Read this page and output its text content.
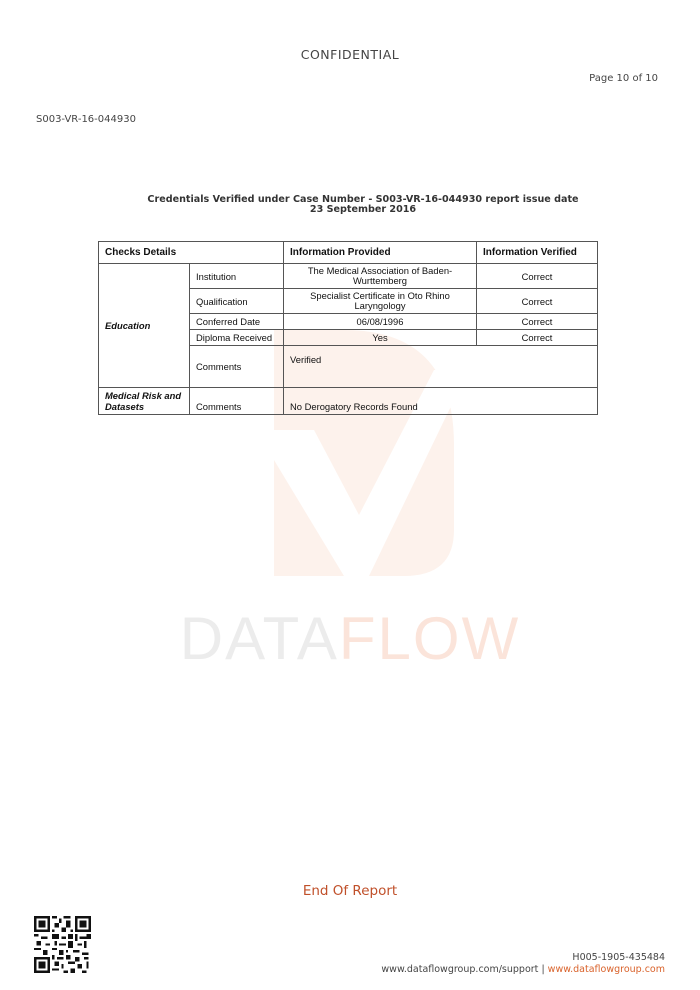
CONFIDENTIAL
Page 10 of 10
S003-VR-16-044930
DATAFLOW
Credentials Verified under Case Number - S003-VR-16-044930 report issue date
23 September 2016
Checks Details		Information Provided	Information Verified
Education	Institution	The Medical Association of Baden-Wurttemberg	Correct
	Qualification	Specialist Certificate in Oto Rhino Laryngology	Correct
	Conferred Date	06/08/1996	Correct
	Diploma Received	Yes	Correct
	Comments	Verified	
Medical Risk and Datasets	Comments	No Derogatory Records Found	
End Of Report
H005-1905-435484
www.dataflowgroup.com/support | www.dataflowgroup.com
